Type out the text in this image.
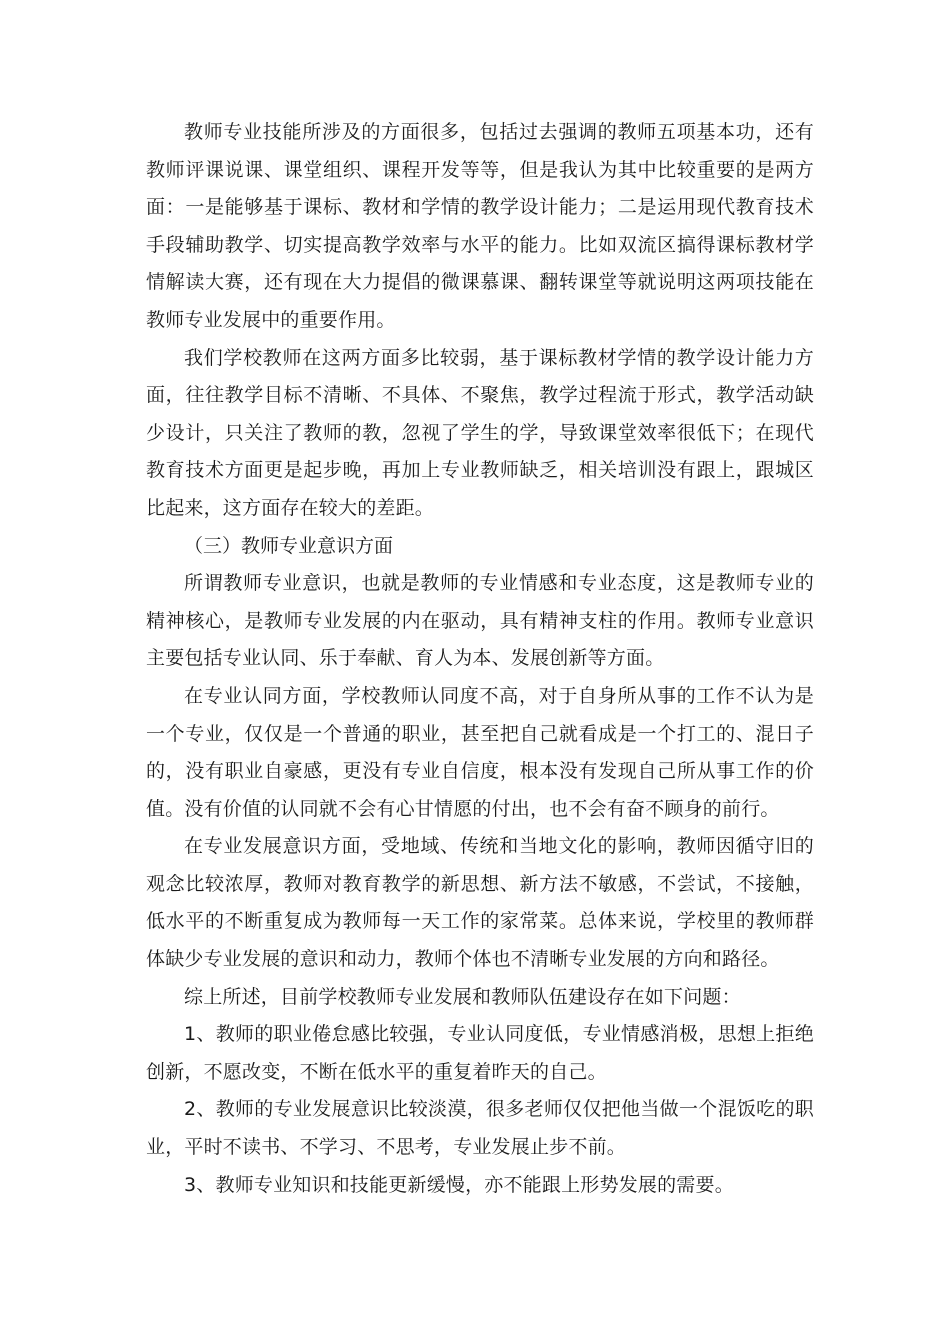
教师专业技能所涉及的方面很多，包括过去强调的教师五项基本功，还有教师评课说课、课堂组织、课程开发等等，但是我认为其中比较重要的是两方面：一是能够基于课标、教材和学情的教学设计能力；二是运用现代教育技术手段辅助教学、切实提高教学效率与水平的能力。比如双流区搞得课标教材学情解读大赛，还有现在大力提倡的微课慕课、翻转课堂等就说明这两项技能在教师专业发展中的重要作用。

我们学校教师在这两方面多比较弱，基于课标教材学情的教学设计能力方面，往往教学目标不清晰、不具体、不聚焦，教学过程流于形式，教学活动缺少设计，只关注了教师的教，忽视了学生的学，导致课堂效率很低下；在现代教育技术方面更是起步晚，再加上专业教师缺乏，相关培训没有跟上，跟城区比起来，这方面存在较大的差距。

（三）教师专业意识方面

所谓教师专业意识，也就是教师的专业情感和专业态度，这是教师专业的精神核心，是教师专业发展的内在驱动，具有精神支柱的作用。教师专业意识主要包括专业认同、乐于奉献、育人为本、发展创新等方面。

在专业认同方面，学校教师认同度不高，对于自身所从事的工作不认为是一个专业，仅仅是一个普通的职业，甚至把自己就看成是一个打工的、混日子的，没有职业自豪感，更没有专业自信度，根本没有发现自己所从事工作的价值。没有价值的认同就不会有心甘情愿的付出，也不会有奋不顾身的前行。

在专业发展意识方面，受地域、传统和当地文化的影响，教师因循守旧的观念比较浓厚，教师对教育教学的新思想、新方法不敏感，不尝试，不接触，低水平的不断重复成为教师每一天工作的家常菜。总体来说，学校里的教师群体缺少专业发展的意识和动力，教师个体也不清晰专业发展的方向和路径。

综上所述，目前学校教师专业发展和教师队伍建设存在如下问题：

1、教师的职业倦怠感比较强，专业认同度低，专业情感消极，思想上拒绝创新，不愿改变，不断在低水平的重复着昨天的自己。

2、教师的专业发展意识比较淡漠，很多老师仅仅把他当做一个混饭吃的职业，平时不读书、不学习、不思考，专业发展止步不前。

3、教师专业知识和技能更新缓慢，亦不能跟上形势发展的需要。
